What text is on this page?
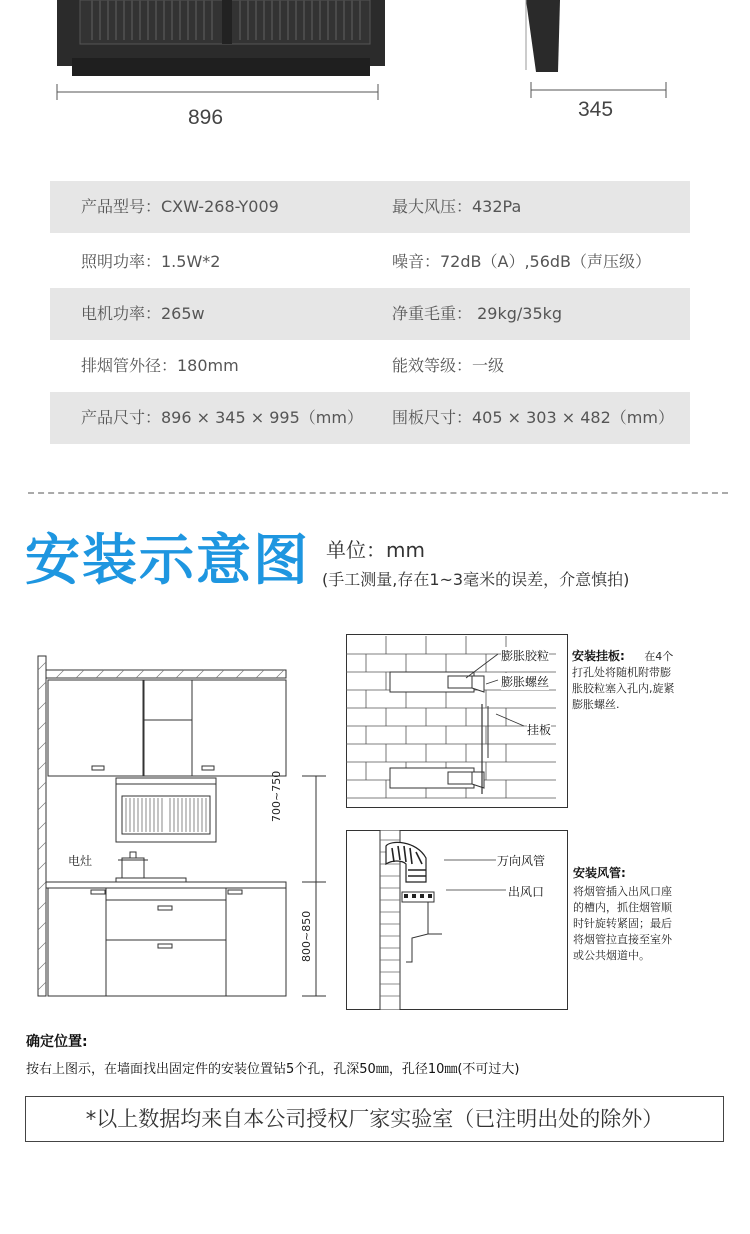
896	345
产品型号：CXW-268-Y009	最大风压：432Pa
照明功率：1.5W*2	噪音：72dB（A）,56dB（声压级）
电机功率：265w	净重毛重： 29kg/35kg
排烟管外径：180mm	能效等级：一级
产品尺寸：896 × 345 × 995（mm） 围板尺寸：405 × 303 × 482（mm）
安装示意图 单位：mm
(手工测量,存在1~3毫米的误差，介意慎拍)
电灶
700~750
800~850
膨胀胶粒
膨胀螺丝
挂板
安装挂板: 在4个
打孔处将随机附带膨
胀胶粒塞入孔内,旋紧
膨胀螺丝.
万向风管
出风口
安装风管:
将烟管插入出风口座
的槽内，抓住烟管顺
时针旋转紧固；最后
将烟管拉直接至室外
或公共烟道中。
确定位置:
按右上图示，在墙面找出固定件的安装位置钻5个孔，孔深50㎜，孔径10㎜(不可过大)
*以上数据均来自本公司授权厂家实验室（已注明出处的除外）
